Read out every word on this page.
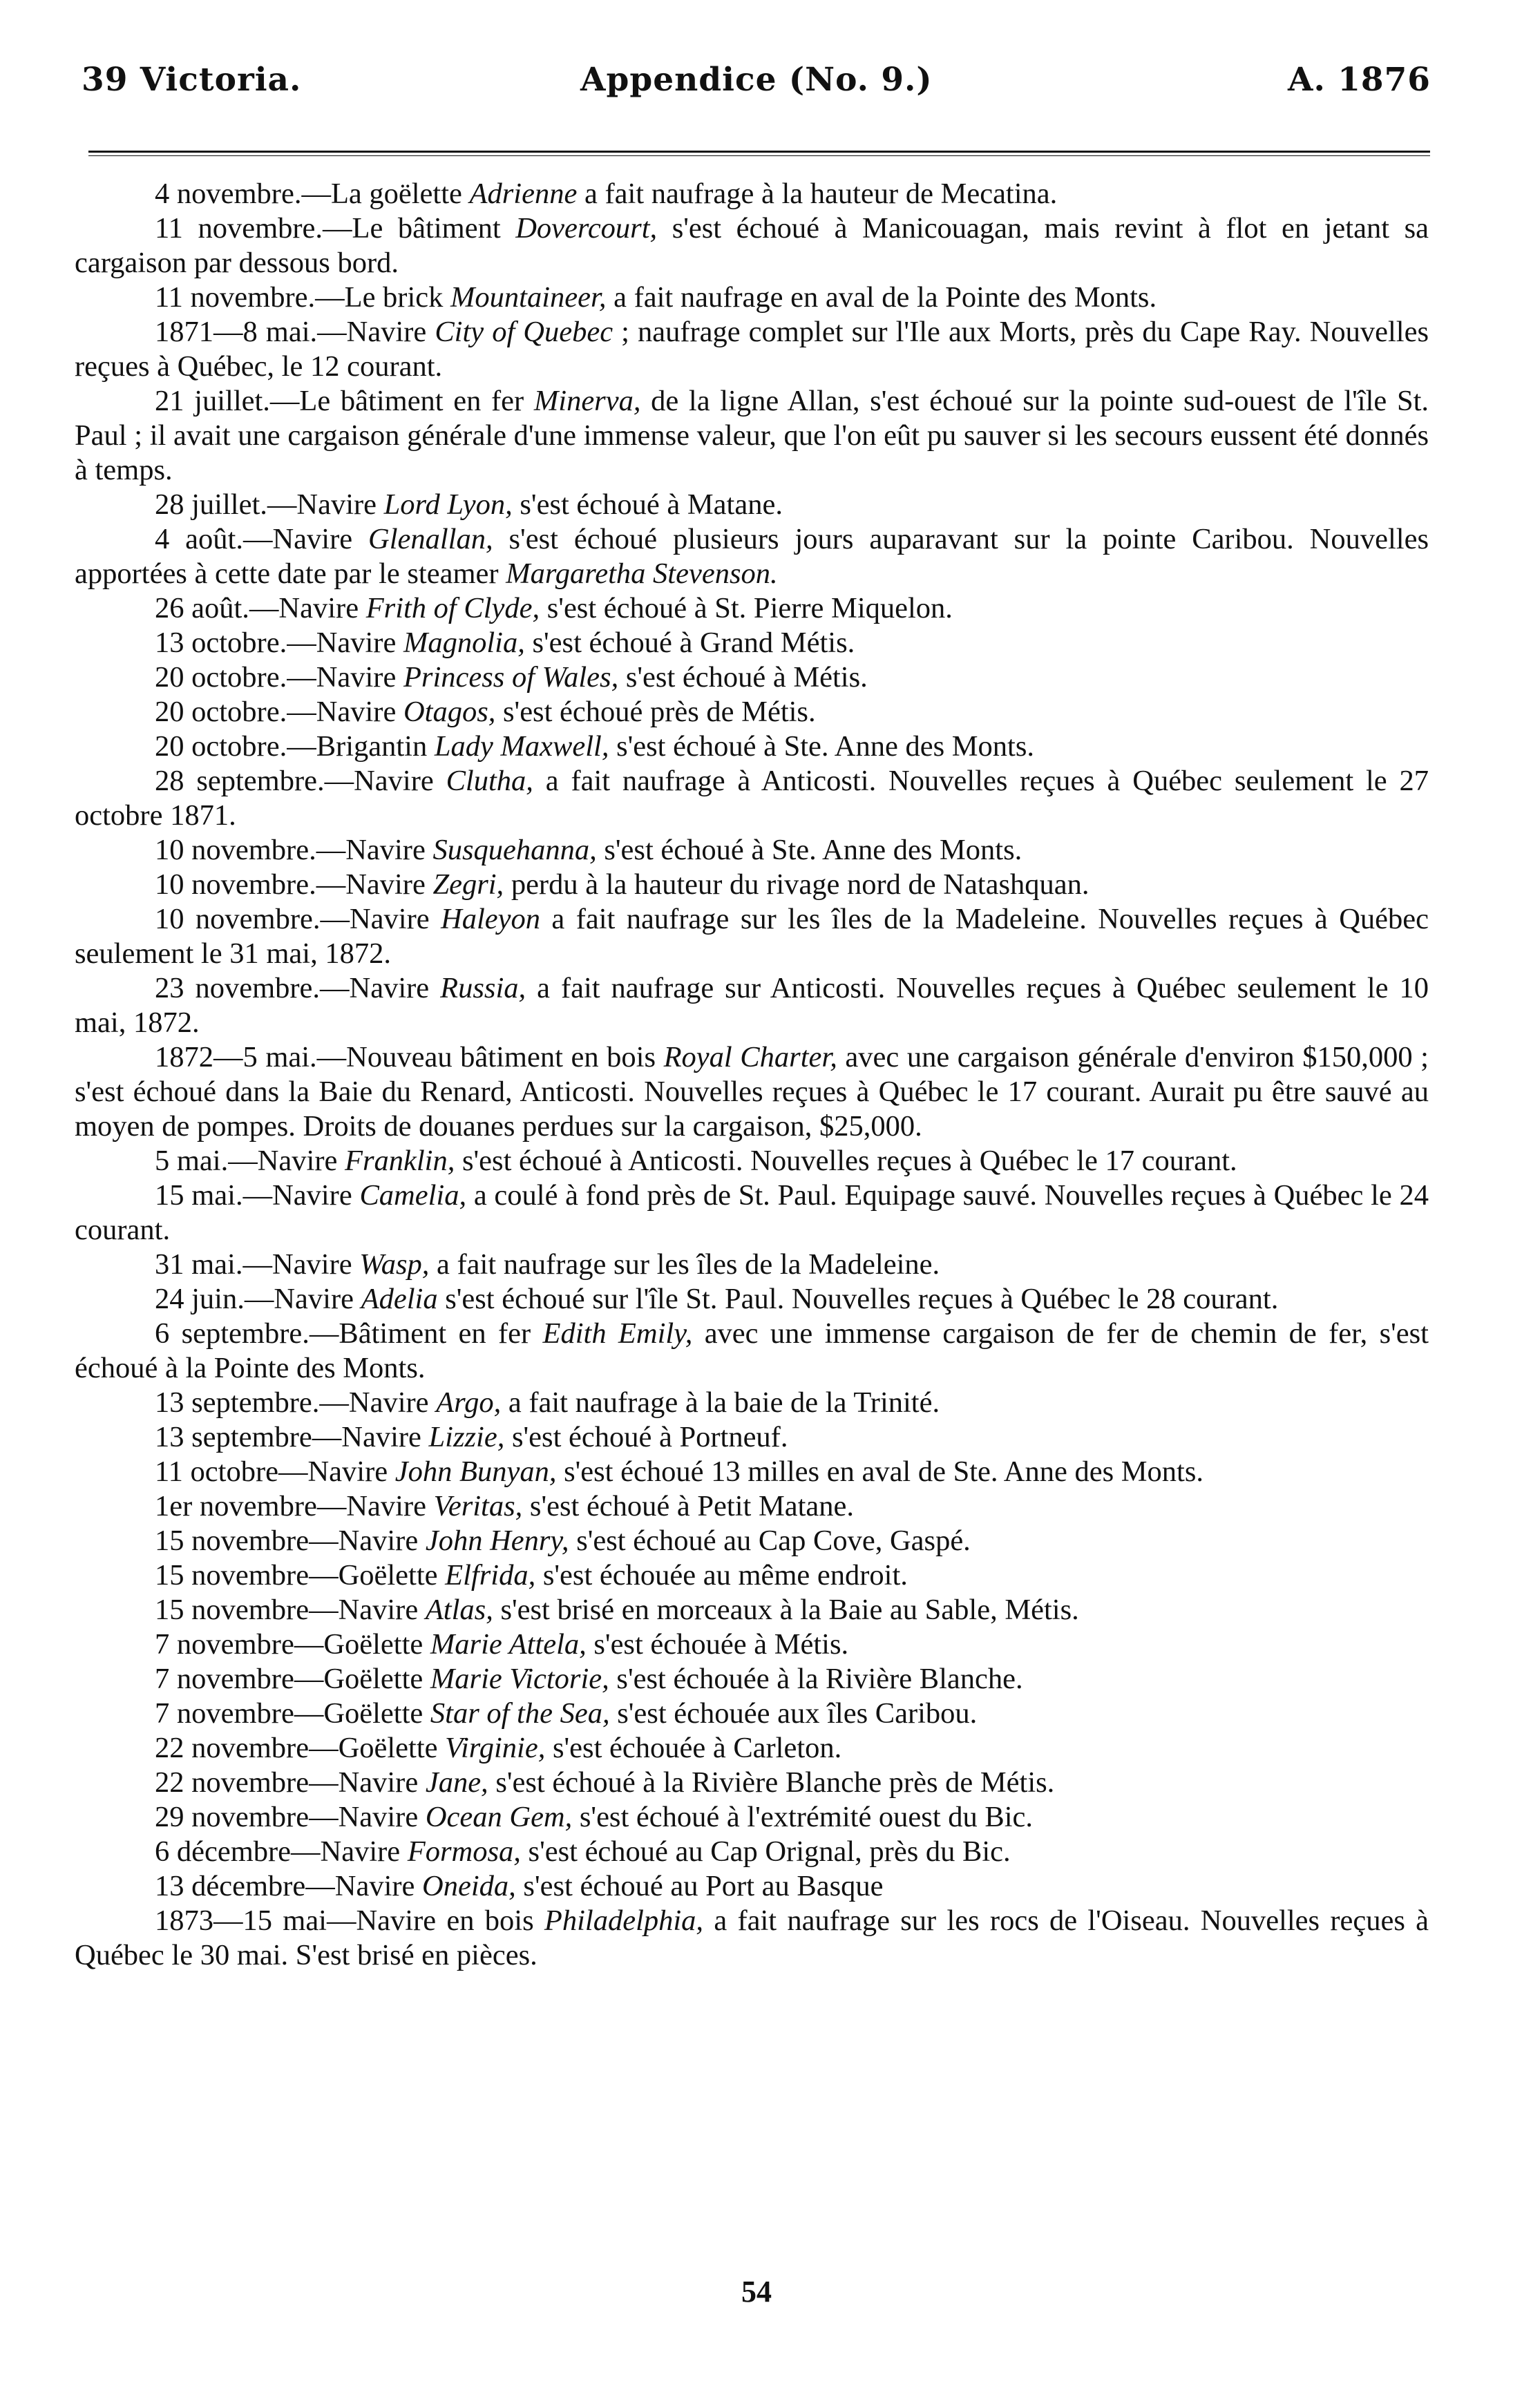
39 Victoria.	Appendice (No. 9.)	A. 1876

4 novembre.—La goëlette Adrienne a fait naufrage à la hauteur de Mecatina.

11 novembre.—Le bâtiment Dovercourt, s'est échoué à Manicouagan, mais revint à flot en jetant sa cargaison par dessous bord.

11 novembre.—Le brick Mountaineer, a fait naufrage en aval de la Pointe des Monts.

1871—8 mai.—Navire City of Quebec ; naufrage complet sur l'Ile aux Morts, près du Cape Ray. Nouvelles reçues à Québec, le 12 courant.

21 juillet.—Le bâtiment en fer Minerva, de la ligne Allan, s'est échoué sur la pointe sud-ouest de l'île St. Paul ; il avait une cargaison générale d'une immense valeur, que l'on eût pu sauver si les secours eussent été donnés à temps.

28 juillet.—Navire Lord Lyon, s'est échoué à Matane.

4 août.—Navire Glenallan, s'est échoué plusieurs jours auparavant sur la pointe Caribou. Nouvelles apportées à cette date par le steamer Margaretha Stevenson.

26 août.—Navire Frith of Clyde, s'est échoué à St. Pierre Miquelon.

13 octobre.—Navire Magnolia, s'est échoué à Grand Métis.

20 octobre.—Navire Princess of Wales, s'est échoué à Métis.

20 octobre.—Navire Otagos, s'est échoué près de Métis.

20 octobre.—Brigantin Lady Maxwell, s'est échoué à Ste. Anne des Monts.

28 septembre.—Navire Clutha, a fait naufrage à Anticosti. Nouvelles reçues à Québec seulement le 27 octobre 1871.

10 novembre.—Navire Susquehanna, s'est échoué à Ste. Anne des Monts.

10 novembre.—Navire Zegri, perdu à la hauteur du rivage nord de Natashquan.

10 novembre.—Navire Haleyon a fait naufrage sur les îles de la Madeleine. Nouvelles reçues à Québec seulement le 31 mai, 1872.

23 novembre.—Navire Russia, a fait naufrage sur Anticosti. Nouvelles reçues à Québec seulement le 10 mai, 1872.

1872—5 mai.—Nouveau bâtiment en bois Royal Charter, avec une cargaison générale d'environ $150,000 ; s'est échoué dans la Baie du Renard, Anticosti. Nouvelles reçues à Québec le 17 courant. Aurait pu être sauvé au moyen de pompes. Droits de douanes perdues sur la cargaison, $25,000.

5 mai.—Navire Franklin, s'est échoué à Anticosti. Nouvelles reçues à Québec le 17 courant.

15 mai.—Navire Camelia, a coulé à fond près de St. Paul. Equipage sauvé. Nouvelles reçues à Québec le 24 courant.

31 mai.—Navire Wasp, a fait naufrage sur les îles de la Madeleine.

24 juin.—Navire Adelia s'est échoué sur l'île St. Paul. Nouvelles reçues à Québec le 28 courant.

6 septembre.—Bâtiment en fer Edith Emily, avec une immense cargaison de fer de chemin de fer, s'est échoué à la Pointe des Monts.

13 septembre.—Navire Argo, a fait naufrage à la baie de la Trinité.

13 septembre—Navire Lizzie, s'est échoué à Portneuf.

11 octobre—Navire John Bunyan, s'est échoué 13 milles en aval de Ste. Anne des Monts.

1er novembre—Navire Veritas, s'est échoué à Petit Matane.

15 novembre—Navire John Henry, s'est échoué au Cap Cove, Gaspé.

15 novembre—Goëlette Elfrida, s'est échouée au même endroit.

15 novembre—Navire Atlas, s'est brisé en morceaux à la Baie au Sable, Métis.

7 novembre—Goëlette Marie Attela, s'est échouée à Métis.

7 novembre—Goëlette Marie Victorie, s'est échouée à la Rivière Blanche.

7 novembre—Goëlette Star of the Sea, s'est échouée aux îles Caribou.

22 novembre—Goëlette Virginie, s'est échouée à Carleton.

22 novembre—Navire Jane, s'est échoué à la Rivière Blanche près de Métis.

29 novembre—Navire Ocean Gem, s'est échoué à l'extrémité ouest du Bic.

6 décembre—Navire Formosa, s'est échoué au Cap Orignal, près du Bic.

13 décembre—Navire Oneida, s'est échoué au Port au Basque

1873—15 mai—Navire en bois Philadelphia, a fait naufrage sur les rocs de l'Oiseau. Nouvelles reçues à Québec le 30 mai. S'est brisé en pièces.

54
